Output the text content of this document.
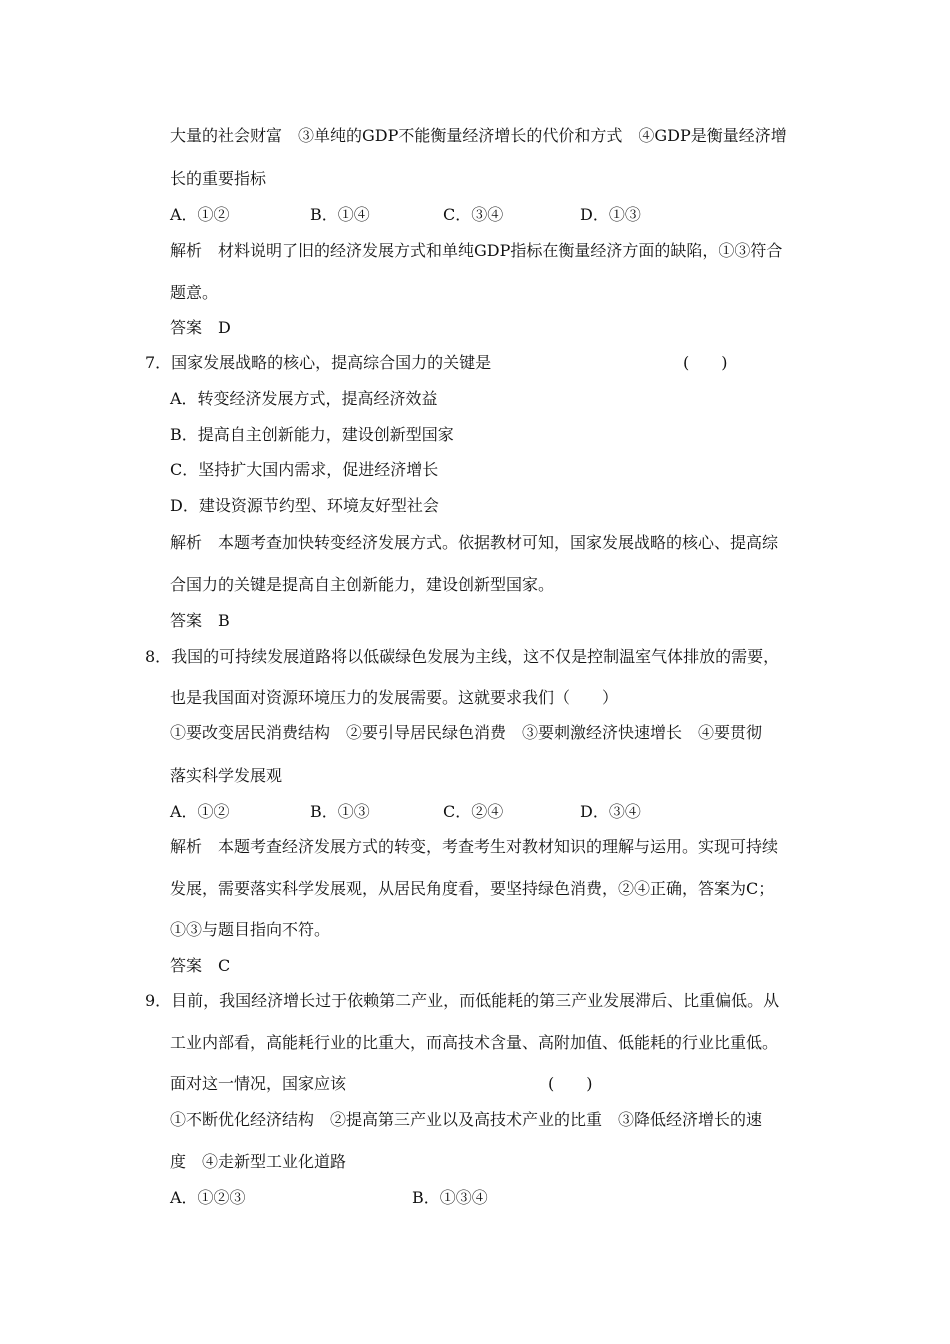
大量的社会财富　③单纯的GDP不能衡量经济增长的代价和方式　④GDP是衡量经济增
长的重要指标
A．①②	B．①④	C．③④	D．①③
解析　材料说明了旧的经济发展方式和单纯GDP指标在衡量经济方面的缺陷，①③符合
题意。
答案　D
7．国家发展战略的核心，提高综合国力的关键是	(　　)
A．转变经济发展方式，提高经济效益
B．提高自主创新能力，建设创新型国家
C．坚持扩大国内需求，促进经济增长
D．建设资源节约型、环境友好型社会
解析　本题考查加快转变经济发展方式。依据教材可知，国家发展战略的核心、提高综
合国力的关键是提高自主创新能力，建设创新型国家。
答案　B
8．我国的可持续发展道路将以低碳绿色发展为主线，这不仅是控制温室气体排放的需要，
也是我国面对资源环境压力的发展需要。这就要求我们（　　）
①要改变居民消费结构　②要引导居民绿色消费　③要刺激经济快速增长　④要贯彻
落实科学发展观
A．①②	B．①③	C．②④	D．③④
解析　本题考查经济发展方式的转变，考查考生对教材知识的理解与运用。实现可持续
发展，需要落实科学发展观，从居民角度看，要坚持绿色消费，②④正确，答案为C；
①③与题目指向不符。
答案　C
9．目前，我国经济增长过于依赖第二产业，而低能耗的第三产业发展滞后、比重偏低。从
工业内部看，高能耗行业的比重大，而高技术含量、高附加值、低能耗的行业比重低。
面对这一情况，国家应该	(　　)
①不断优化经济结构　②提高第三产业以及高技术产业的比重　③降低经济增长的速
度　④走新型工业化道路
A．①②③	B．①③④
